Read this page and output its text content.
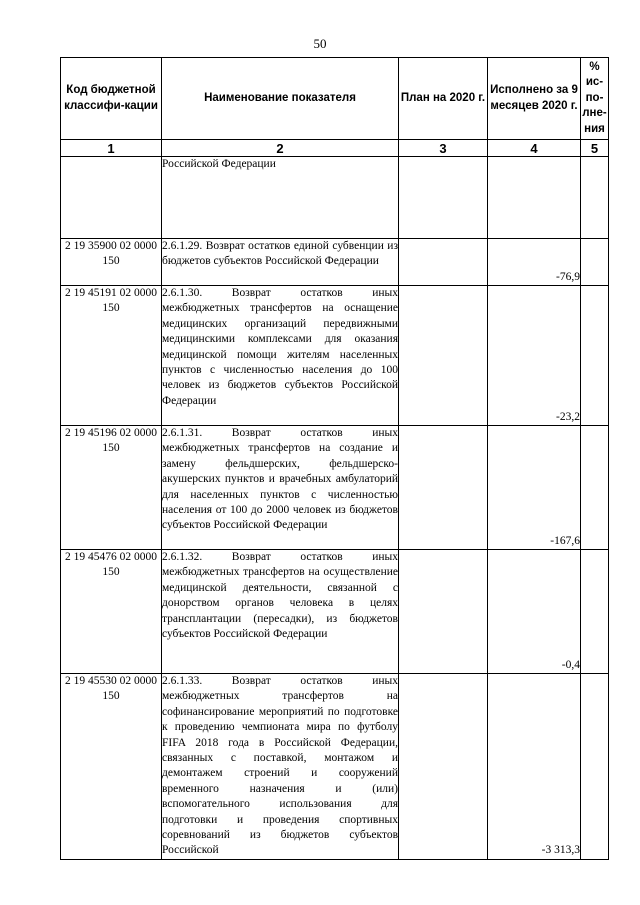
50
Код бюджетной классифи-кации	Наименование показателя	План на 2020 г.	Исполнено за 9 месяцев 2020 г.	% ис-по-лне-ния
1	2	3	4	5
	Российской Федерации			
2 19 35900 02 0000 150	2.6.1.29. Возврат остатков единой субвенции из бюджетов субъектов Российской Федерации		-76,9	
2 19 45191 02 0000 150	2.6.1.30. Возврат остатков иных межбюджетных трансфертов на оснащение медицинских организаций передвижными медицинскими комплексами для оказания медицинской помощи жителям населенных пунктов с численностью населения до 100 человек из бюджетов субъектов Российской Федерации		-23,2	
2 19 45196 02 0000 150	2.6.1.31. Возврат остатков иных межбюджетных трансфертов на создание и замену фельдшерских, фельдшерско-акушерских пунктов и врачебных амбулаторий для населенных пунктов с численностью населения от 100 до 2000 человек из бюджетов субъектов Российской Федерации		-167,6	
2 19 45476 02 0000 150	2.6.1.32. Возврат остатков иных межбюджетных трансфертов на осуществление медицинской деятельности, связанной с донорством органов человека в целях трансплантации (пересадки), из бюджетов субъектов Российской Федерации		-0,4	
2 19 45530 02 0000 150	2.6.1.33. Возврат остатков иных межбюджетных трансфертов на софинансирование мероприятий по подготовке к проведению чемпионата мира по футболу FIFA 2018 года в Российской Федерации, связанных с поставкой, монтажом и демонтажем строений и сооружений временного назначения и (или) вспомогательного использования для подготовки и проведения спортивных соревнований из бюджетов субъектов Российской		-3 313,3	
